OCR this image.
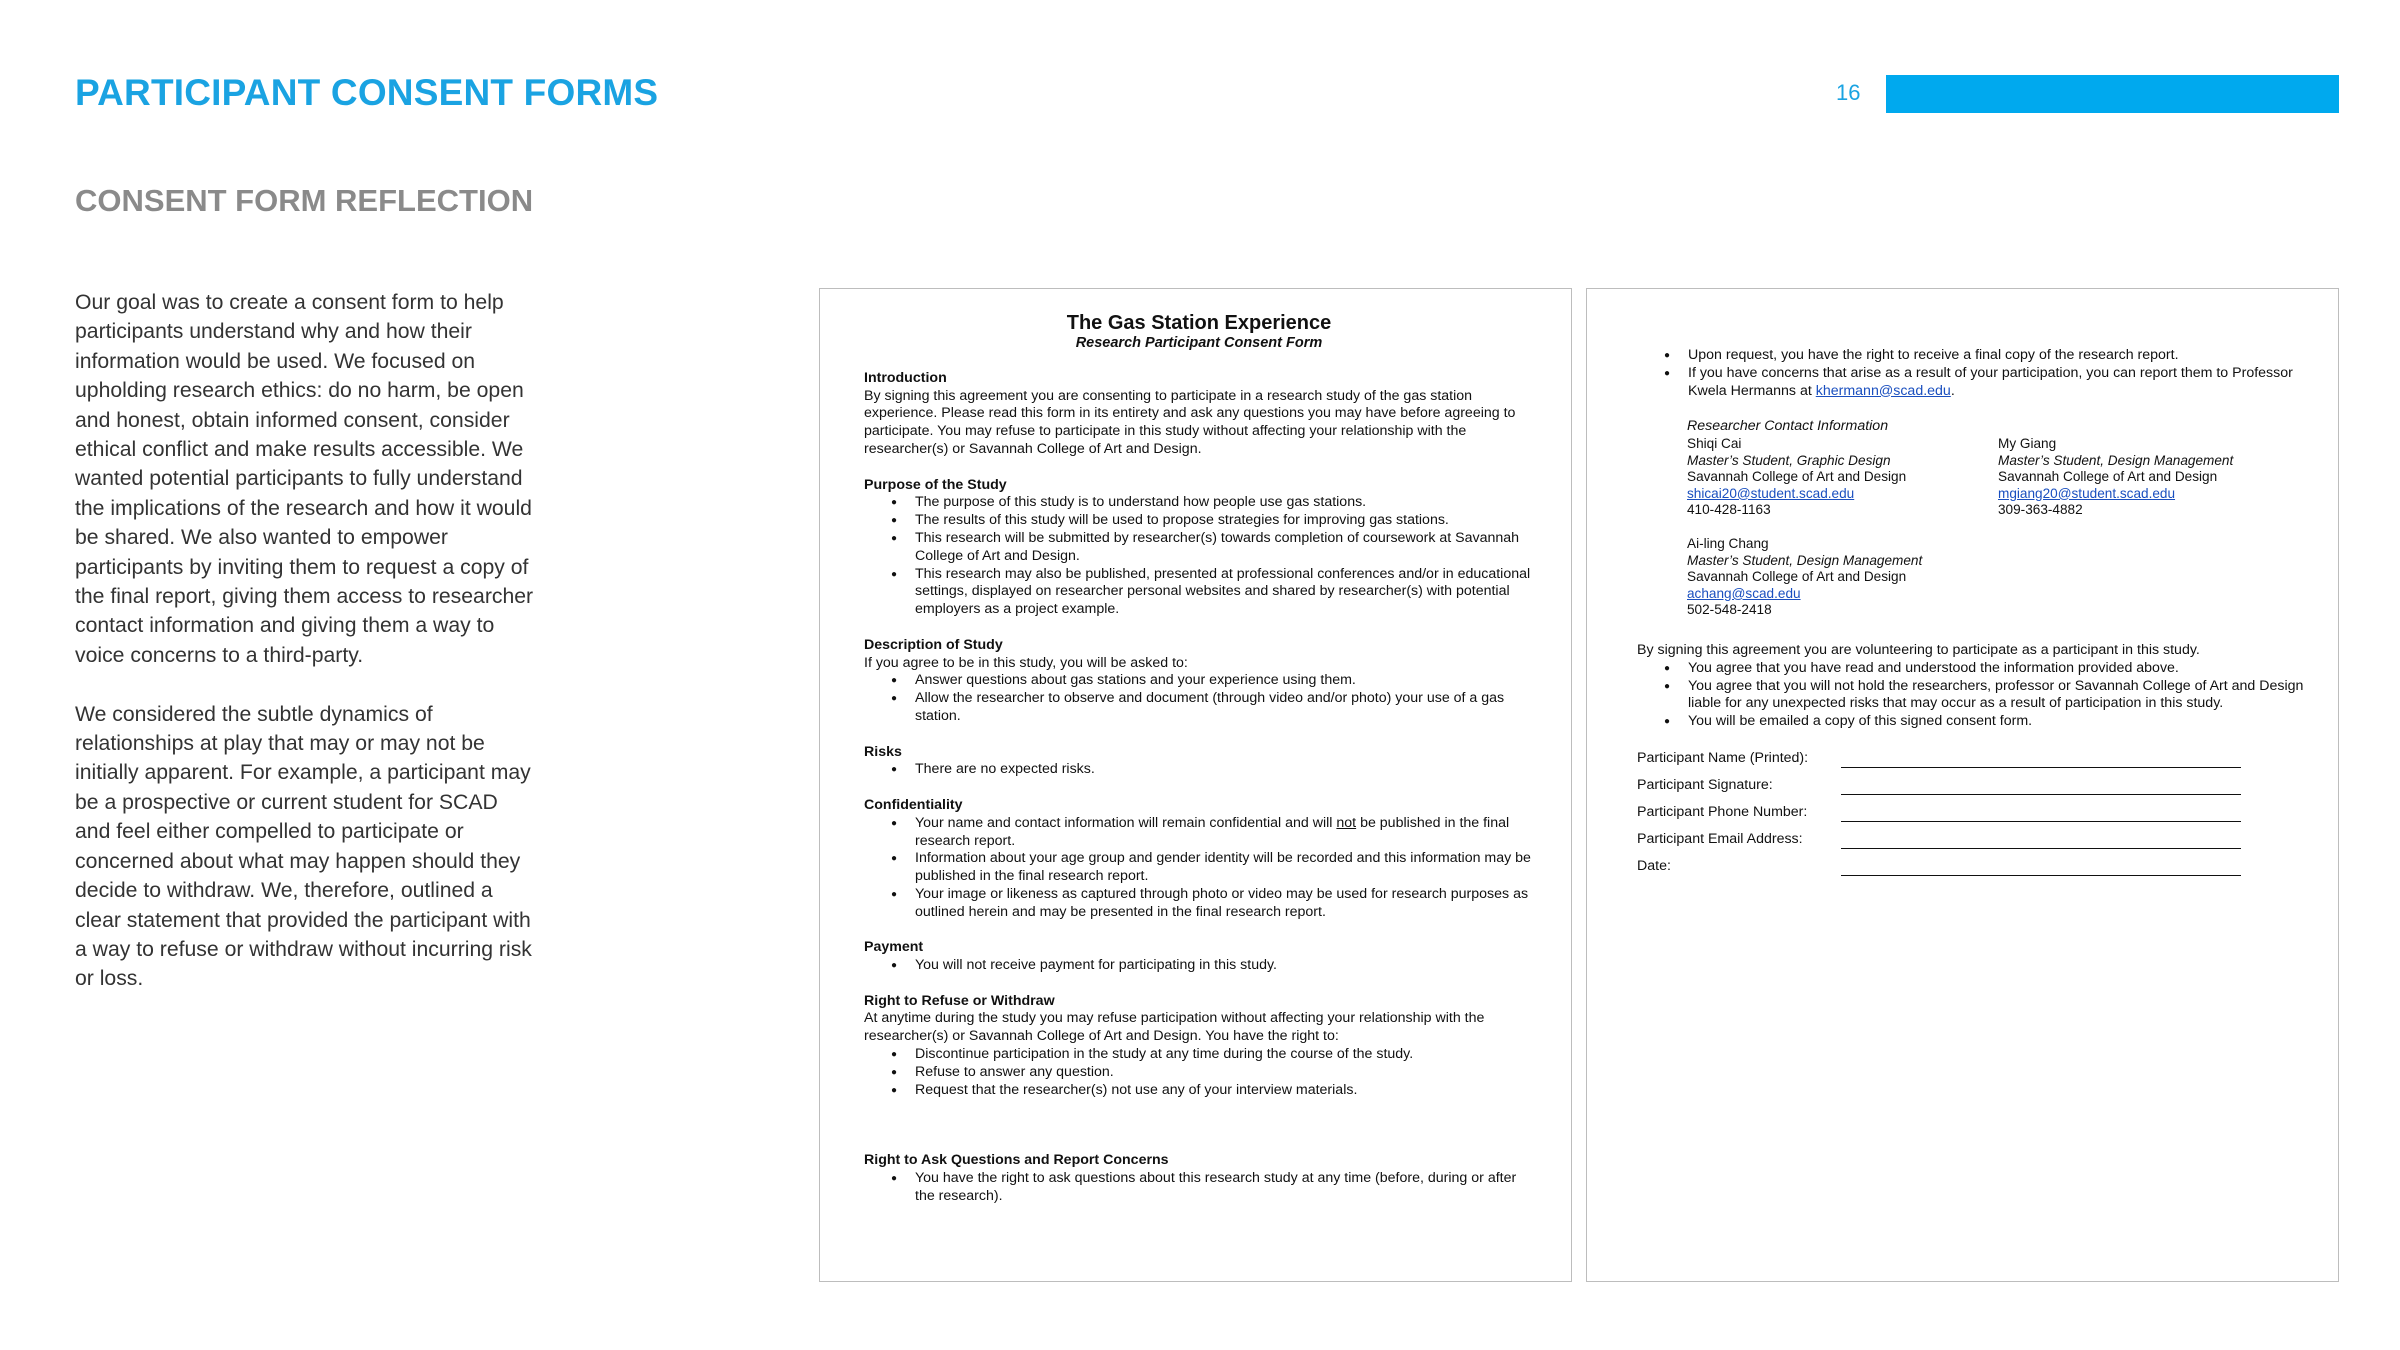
PARTICIPANT CONSENT FORMS	16
CONSENT FORM REFLECTION

Our goal was to create a consent form to help participants understand why and how their information would be used. We focused on upholding research ethics: do no harm, be open and honest, obtain informed consent, consider ethical conflict and make results accessible. We wanted potential participants to fully understand the implications of the research and how it would be shared. We also wanted to empower participants by inviting them to request a copy of the final report, giving them access to researcher contact information and giving them a way to voice concerns to a third-party.

We considered the subtle dynamics of relationships at play that may or may not be initially apparent. For example, a participant may be a prospective or current student for SCAD and feel either compelled to participate or concerned about what may happen should they decide to withdraw. We, therefore, outlined a clear statement that provided the participant with a way to refuse or withdraw without incurring risk or loss.

The Gas Station Experience
Research Participant Consent Form
Introduction

By signing this agreement you are consenting to participate in a research study of the gas station experience. Please read this form in its entirety and ask any questions you may have before agreeing to participate. You may refuse to participate in this study without affecting your relationship with the researcher(s) or Savannah College of Art and Design.

Purpose of the Study
● The purpose of this study is to understand how people use gas stations.
● The results of this study will be used to propose strategies for improving gas stations.
● This research will be submitted by researcher(s) towards completion of coursework at Savannah College of Art and Design.
● This research may also be published, presented at professional conferences and/or in educational settings, displayed on researcher personal websites and shared by researcher(s) with potential employers as a project example.
Description of Study

If you agree to be in this study, you will be asked to:

● Answer questions about gas stations and your experience using them.
● Allow the researcher to observe and document (through video and/or photo) your use of a gas station.
Risks
● There are no expected risks.
Confidentiality
● Your name and contact information will remain confidential and will not be published in the final research report.
● Information about your age group and gender identity will be recorded and this information may be published in the final research report.
● Your image or likeness as captured through photo or video may be used for research purposes as outlined herein and may be presented in the final research report.
Payment
● You will not receive payment for participating in this study.
Right to Refuse or Withdraw

At anytime during the study you may refuse participation without affecting your relationship with the researcher(s) or Savannah College of Art and Design. You have the right to:

● Discontinue participation in the study at any time during the course of the study.
● Refuse to answer any question.
● Request that the researcher(s) not use any of your interview materials.
Right to Ask Questions and Report Concerns
● You have the right to ask questions about this research study at any time (before, during or after the research).
● Upon request, you have the right to receive a final copy of the research report.
● If you have concerns that arise as a result of your participation, you can report them to Professor Kwela Hermanns at khermann@scad.edu.
Researcher Contact Information
Shiqi Cai
Master’s Student, Graphic Design
Savannah College of Art and Design
shicai20@student.scad.edu
410-428-1163
Ai-ling Chang
Master’s Student, Design Management
Savannah College of Art and Design
achang@scad.edu
502-548-2418
My Giang
Master’s Student, Design Management
Savannah College of Art and Design
mgiang20@student.scad.edu
309-363-4882

By signing this agreement you are volunteering to participate as a participant in this study.

● You agree that you have read and understood the information provided above.
● You agree that you will not hold the researchers, professor or Savannah College of Art and Design liable for any unexpected risks that may occur as a result of participation in this study.
● You will be emailed a copy of this signed consent form.
Participant Name (Printed):
Participant Signature:
Participant Phone Number:
Participant Email Address:
Date:
